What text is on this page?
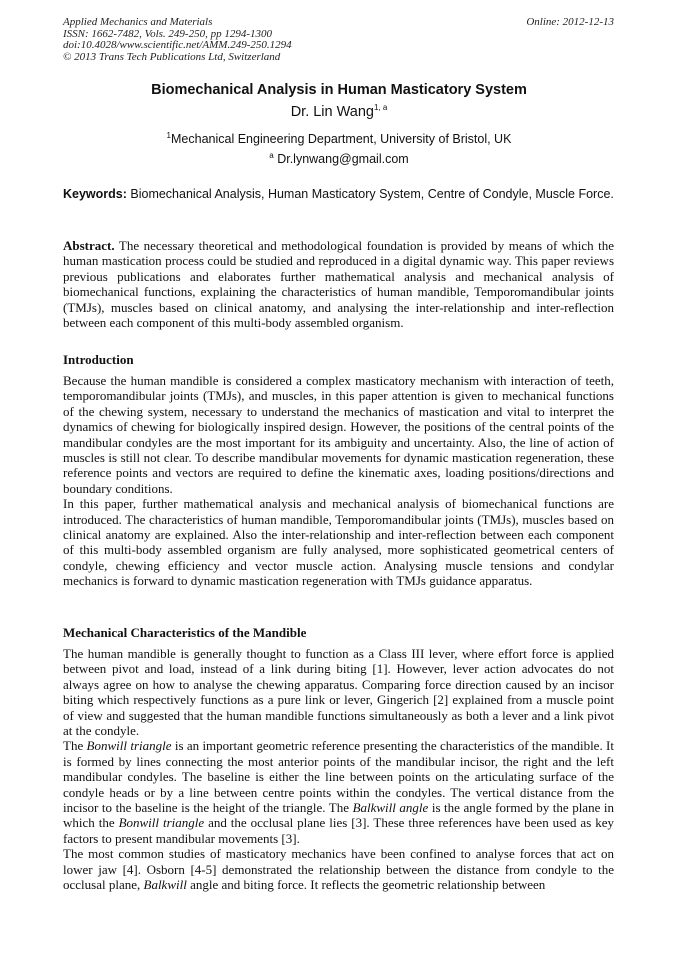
Applied Mechanics and Materials
ISSN: 1662-7482, Vols. 249-250, pp 1294-1300
doi:10.4028/www.scientific.net/AMM.249-250.1294
© 2013 Trans Tech Publications Ltd, Switzerland
Online: 2012-12-13
Biomechanical Analysis in Human Masticatory System
Dr. Lin Wang$^{1, a}$
$^1$Mechanical Engineering Department, University of Bristol, UK
$^a$ Dr.lynwang@gmail.com
Keywords: Biomechanical Analysis, Human Masticatory System, Centre of Condyle, Muscle Force.

Abstract. The necessary theoretical and methodological foundation is provided by means of which the human mastication process could be studied and reproduced in a digital dynamic way. This paper reviews previous publications and elaborates further mathematical analysis and mechanical analysis of biomechanical functions, explaining the characteristics of human mandible, Temporomandibular joints (TMJs), muscles based on clinical anatomy, and analysing the inter-relationship and inter-reflection between each component of this multi-body assembled organism.

Introduction

Because the human mandible is considered a complex masticatory mechanism with interaction of teeth, temporomandibular joints (TMJs), and muscles, in this paper attention is given to mechanical functions of the chewing system, necessary to understand the mechanics of mastication and vital to interpret the dynamics of chewing for biologically inspired design. However, the positions of the central points of the mandibular condyles are the most important for its ambiguity and uncertainty. Also, the line of action of muscles is still not clear. To describe mandibular movements for dynamic mastication regeneration, these reference points and vectors are required to define the kinematic axes, loading positions/directions and boundary conditions.

In this paper, further mathematical analysis and mechanical analysis of biomechanical functions are introduced. The characteristics of human mandible, Temporomandibular joints (TMJs), muscles based on clinical anatomy are explained. Also the inter-relationship and inter-reflection between each component of this multi-body assembled organism are fully analysed, more sophisticated geometrical centers of condyle, chewing efficiency and vector muscle action. Analysing muscle tensions and condylar mechanics is forward to dynamic mastication regeneration with TMJs guidance apparatus.

Mechanical Characteristics of the Mandible

The human mandible is generally thought to function as a Class III lever, where effort force is applied between pivot and load, instead of a link during biting [1]. However, lever action advocates do not always agree on how to analyse the chewing apparatus. Comparing force direction caused by an incisor biting which respectively functions as a pure link or lever, Gingerich [2] explained from a muscle point of view and suggested that the human mandible functions simultaneously as both a lever and a link pivot at the condyle.

The Bonwill triangle is an important geometric reference presenting the characteristics of the mandible. It is formed by lines connecting the most anterior points of the mandibular incisor, the right and the left mandibular condyles. The baseline is either the line between points on the articulating surface of the condyle heads or by a line between centre points within the condyles. The vertical distance from the incisor to the baseline is the height of the triangle. The Balkwill angle is the angle formed by the plane in which the Bonwill triangle and the occlusal plane lies [3]. These three references have been used as key factors to present mandibular movements [3].

The most common studies of masticatory mechanics have been confined to analyse forces that act on lower jaw [4]. Osborn [4-5] demonstrated the relationship between the distance from condyle to the occlusal plane, Balkwill angle and biting force. It reflects the geometric relationship between
